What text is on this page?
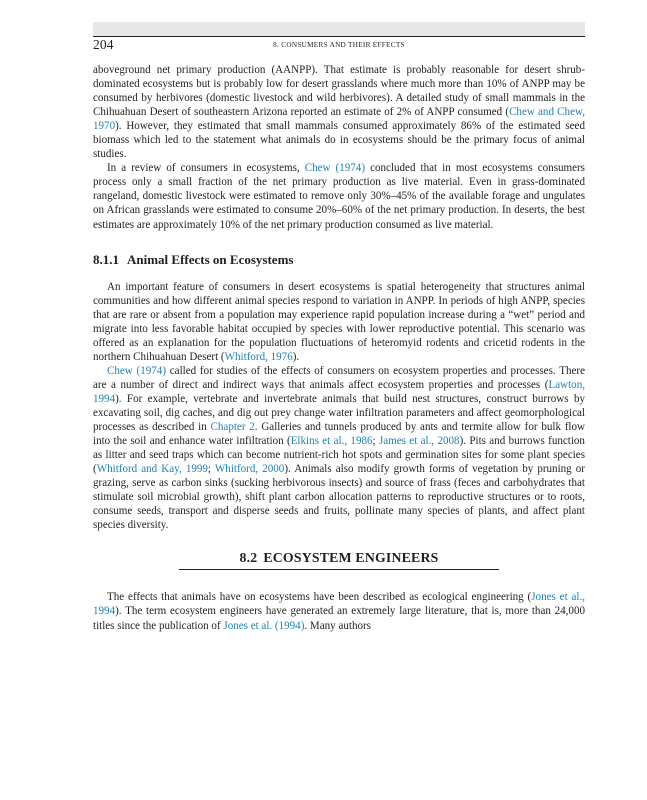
204	8. CONSUMERS AND THEIR EFFECTS

aboveground net primary production (AANPP). That estimate is probably reasonable for desert shrub-dominated ecosystems but is probably low for desert grasslands where much more than 10% of ANPP may be consumed by herbivores (domestic livestock and wild herbivores). A detailed study of small mammals in the Chihuahuan Desert of southeastern Arizona reported an estimate of 2% of ANPP consumed (Chew and Chew, 1970). However, they estimated that small mammals consumed approximately 86% of the estimated seed biomass which led to the statement what animals do in ecosystems should be the primary focus of animal studies.

In a review of consumers in ecosystems, Chew (1974) concluded that in most ecosystems consumers process only a small fraction of the net primary production as live material. Even in grass-dominated rangeland, domestic livestock were estimated to remove only 30%–45% of the available forage and ungulates on African grasslands were estimated to consume 20%–60% of the net primary production. In deserts, the best estimates are approximately 10% of the net primary production consumed as live material.

8.1.1 Animal Effects on Ecosystems

An important feature of consumers in desert ecosystems is spatial heterogeneity that structures animal communities and how different animal species respond to variation in ANPP. In periods of high ANPP, species that are rare or absent from a population may experience rapid population increase during a “wet” period and migrate into less favorable habitat occupied by species with lower reproductive potential. This scenario was offered as an explanation for the population fluctuations of heteromyid rodents and cricetid rodents in the northern Chihuahuan Desert (Whitford, 1976).

Chew (1974) called for studies of the effects of consumers on ecosystem properties and processes. There are a number of direct and indirect ways that animals affect ecosystem properties and processes (Lawton, 1994). For example, vertebrate and invertebrate animals that build nest structures, construct burrows by excavating soil, dig caches, and dig out prey change water infiltration parameters and affect geomorphological processes as described in Chapter 2. Galleries and tunnels produced by ants and termite allow for bulk flow into the soil and enhance water infiltration (Elkins et al., 1986; James et al., 2008). Pits and burrows function as litter and seed traps which can become nutrient-rich hot spots and germination sites for some plant species (Whitford and Kay, 1999; Whitford, 2000). Animals also modify growth forms of vegetation by pruning or grazing, serve as carbon sinks (sucking herbivorous insects) and source of frass (feces and carbohydrates that stimulate soil microbial growth), shift plant carbon allocation patterns to reproductive structures or to roots, consume seeds, transport and disperse seeds and fruits, pollinate many species of plants, and affect plant species diversity.

8.2 ECOSYSTEM ENGINEERS

The effects that animals have on ecosystems have been described as ecological engineering (Jones et al., 1994). The term ecosystem engineers have generated an extremely large literature, that is, more than 24,000 titles since the publication of Jones et al. (1994). Many authors
